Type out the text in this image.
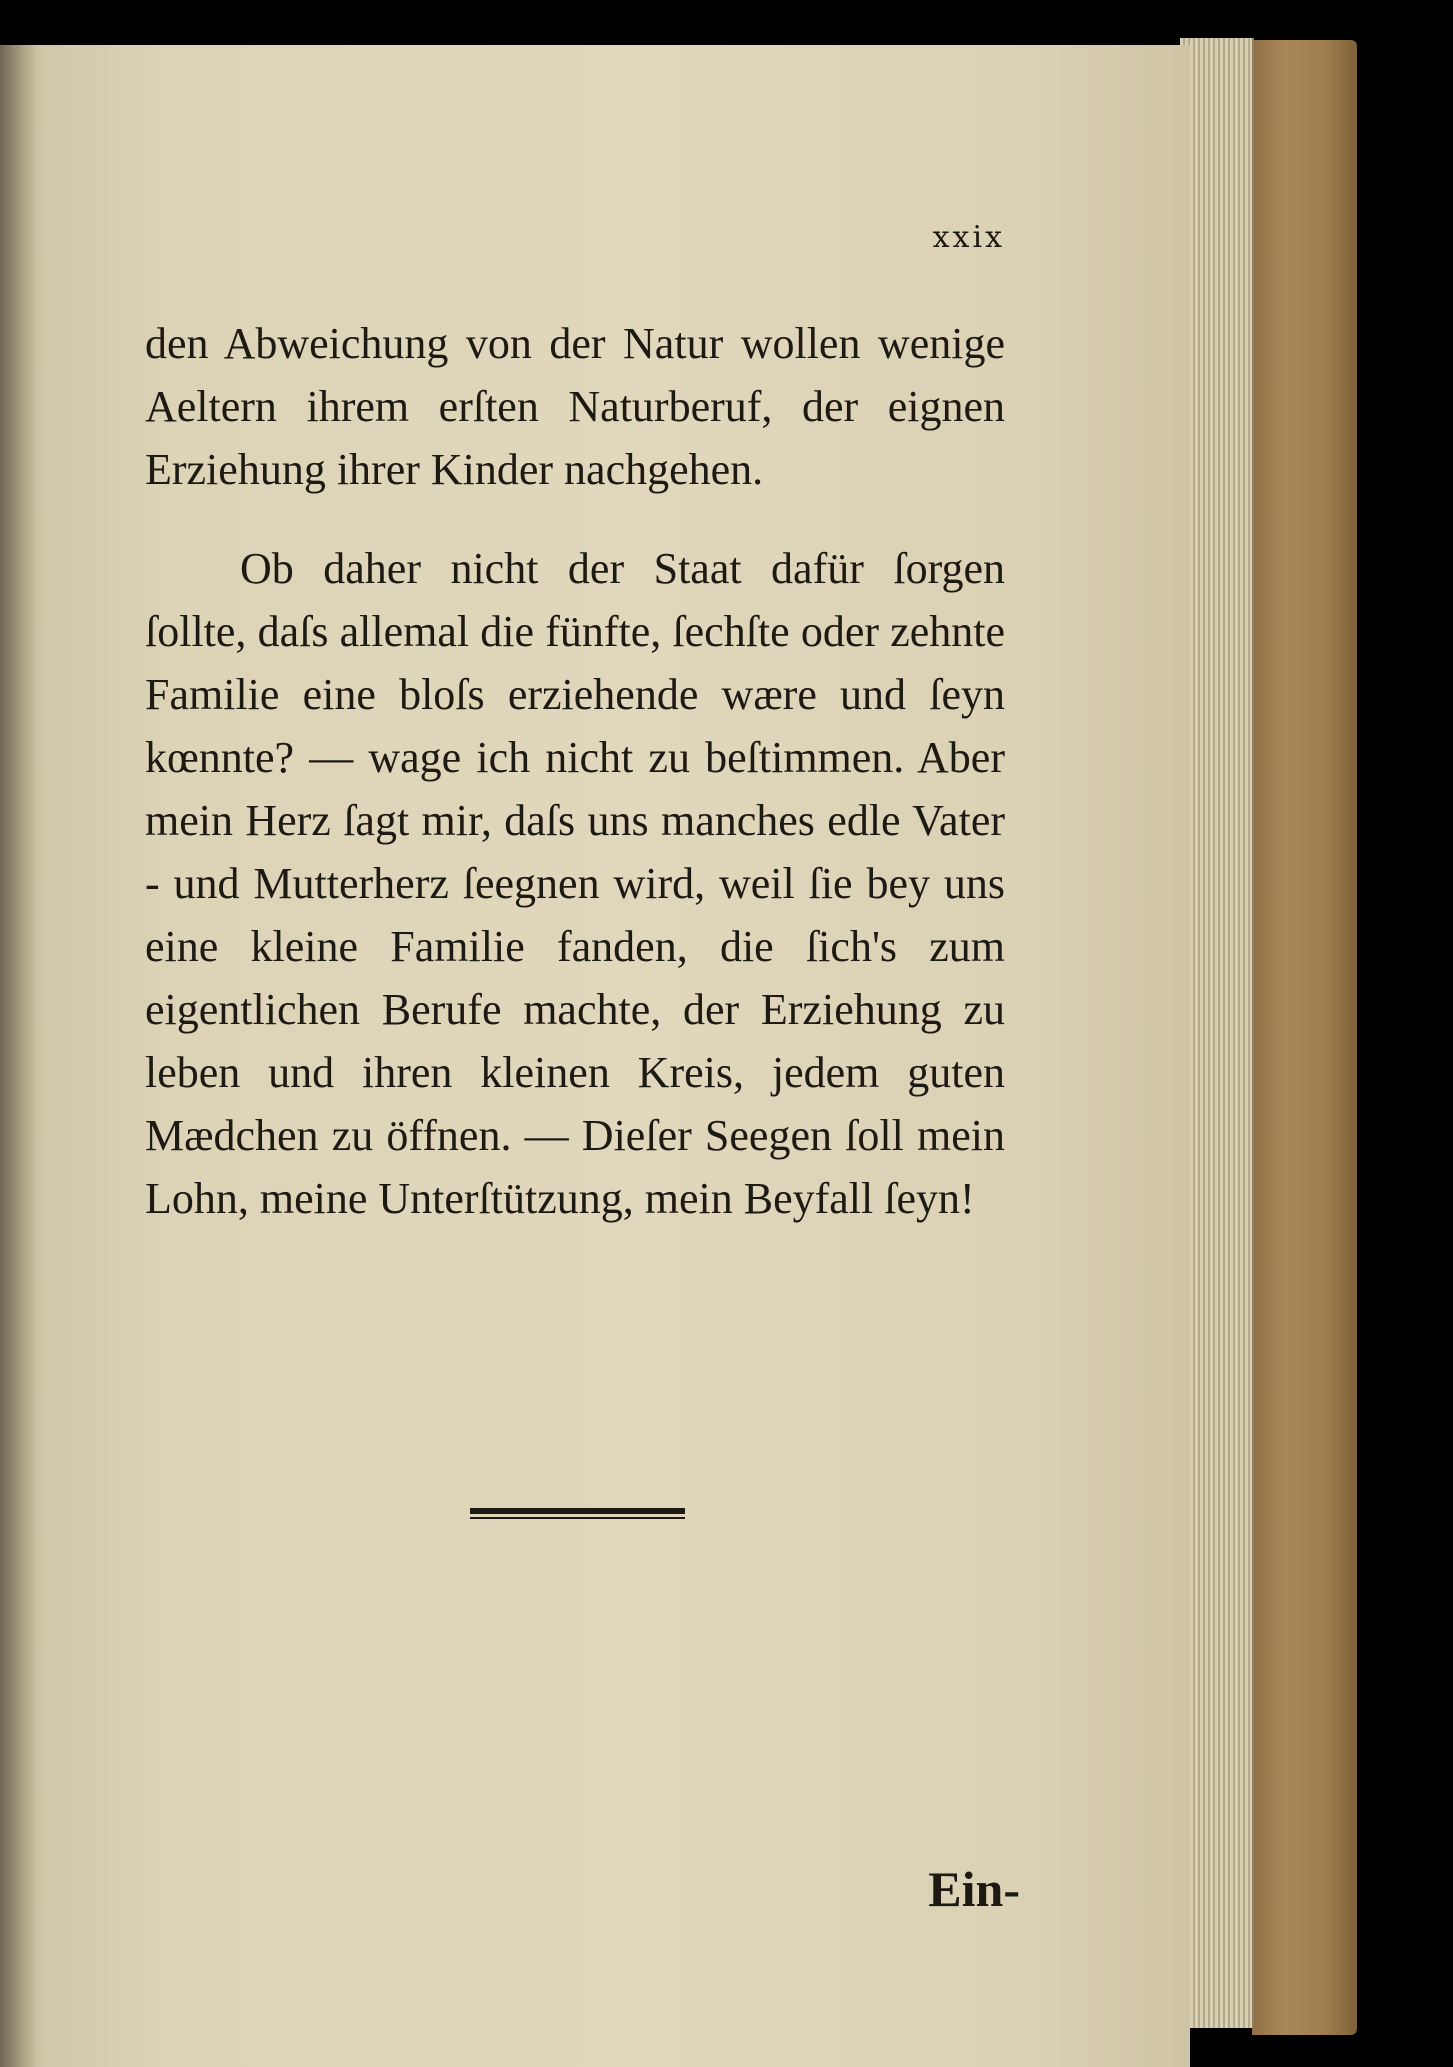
xxix

den Abweichung von der Natur wollen wenige Aeltern ihrem erſten Naturberuf, der eignen Erziehung ihrer Kinder nachgehen.

Ob daher nicht der Staat dafür ſorgen ſollte, daſs allemal die fünfte, ſechſte oder zehnte Familie eine bloſs erziehende wære und ſeyn kœnnte? — wage ich nicht zu beſtimmen. Aber mein Herz ſagt mir, daſs uns manches edle Vater - und Mutterherz ſeegnen wird, weil ſie bey uns eine kleine Familie fanden, die ſich's zum eigentlichen Berufe machte, der Erziehung zu leben und ihren kleinen Kreis, jedem guten Mædchen zu öffnen. — Dieſer Seegen ſoll mein Lohn, meine Unterſtützung, mein Beyfall ſeyn!

Ein-
